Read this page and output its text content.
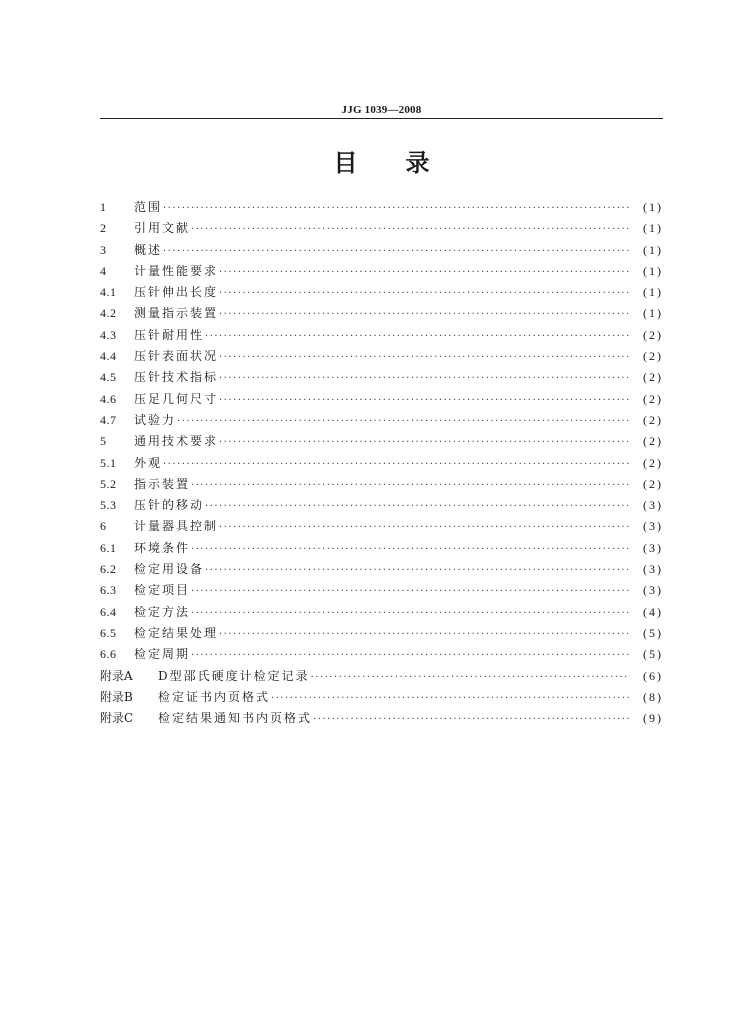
JJG 1039—2008
目 录
1	范围 ·····	(1)
2	引用文献 ·····	(1)
3	概述 ·····	(1)
4	计量性能要求 ·····	(1)
4.1	压针伸出长度 ·····	(1)
4.2	测量指示装置 ·····	(1)
4.3	压针耐用性 ·····	(2)
4.4	压针表面状况 ·····	(2)
4.5	压针技术指标 ·····	(2)
4.6	压足几何尺寸 ·····	(2)
4.7	试验力 ·····	(2)
5	通用技术要求 ·····	(2)
5.1	外观 ·····	(2)
5.2	指示装置 ·····	(2)
5.3	压针的移动 ·····	(3)
6	计量器具控制 ·····	(3)
6.1	环境条件 ·····	(3)
6.2	检定用设备 ·····	(3)
6.3	检定项目 ·····	(3)
6.4	检定方法 ·····	(4)
6.5	检定结果处理 ·····	(5)
6.6	检定周期 ·····	(5)
附录A	D型邵氏硬度计检定记录 ·····	(6)
附录B	检定证书内页格式 ·····	(8)
附录C	检定结果通知书内页格式 ·····	(9)
